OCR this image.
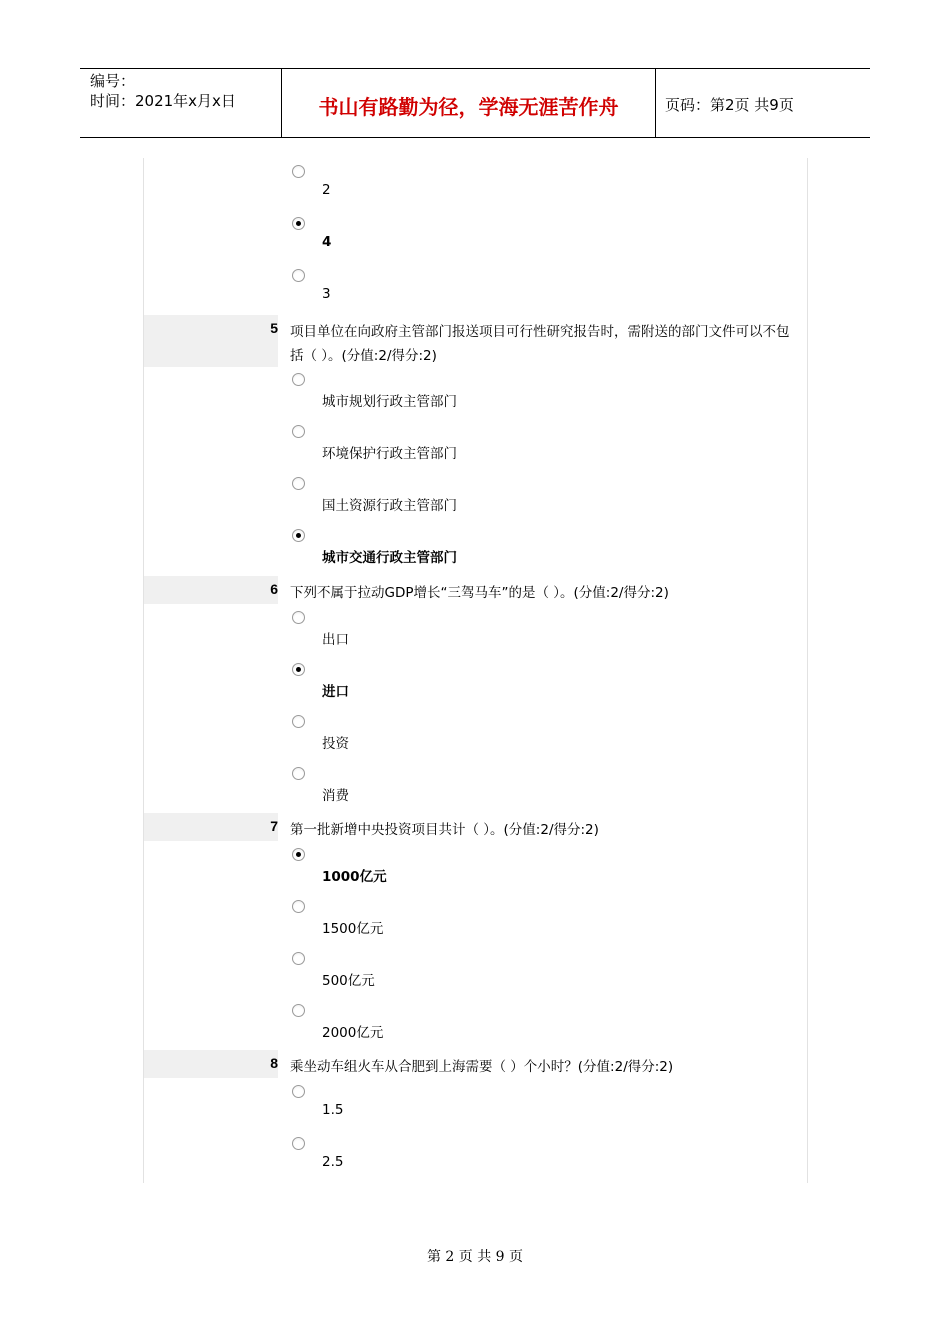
编号：
时间：2021年x月x日	书山有路勤为径，学海无涯苦作舟	页码：第2页 共9页
2
4
3
5 项目单位在向政府主管部门报送项目可行性研究报告时，需附送的部门文件可以不包括（ ）。(分值:2/得分:2)
城市规划行政主管部门
环境保护行政主管部门
国土资源行政主管部门
城市交通行政主管部门
6 下列不属于拉动GDP增长“三驾马车”的是（ ）。(分值:2/得分:2)
出口
进口
投资
消费
7 第一批新增中央投资项目共计（ ）。(分值:2/得分:2)
1000亿元
1500亿元
500亿元
2000亿元
8 乘坐动车组火车从合肥到上海需要（ ）个小时？(分值:2/得分:2)
1.5
2.5
第 2 页 共 9 页
